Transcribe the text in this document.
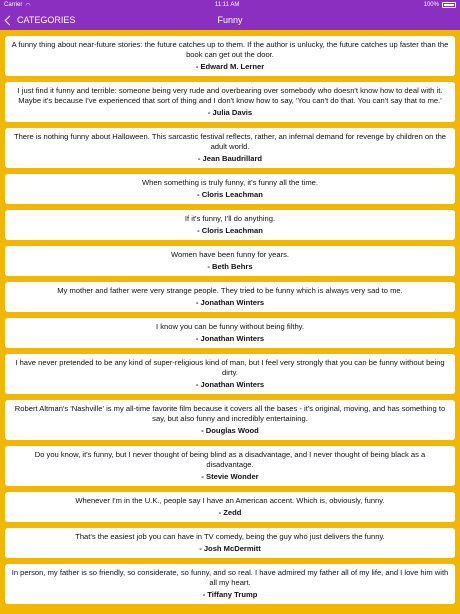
Carrier ◠	11:11 AM	100%
CATEGORIES	Funny
A funny thing about near-future stories: the future catches up to them. If the author is unlucky, the future catches up faster than the book can get out the door.
- Edward M. Lerner
I just find it funny and terrible: someone being very rude and overbearing over somebody who doesn't know how to deal with it. Maybe it's because I've experienced that sort of thing and I don't know how to say, 'You can't do that. You can't say that to me.'
- Julia Davis
There is nothing funny about Halloween. This sarcastic festival reflects, rather, an infernal demand for revenge by children on the adult world.
- Jean Baudrillard
When something is truly funny, it's funny all the time.
- Cloris Leachman
If it's funny, I'll do anything.
- Cloris Leachman
Women have been funny for years.
- Beth Behrs
My mother and father were very strange people. They tried to be funny which is always very sad to me.
- Jonathan Winters
I know you can be funny without being filthy.
- Jonathan Winters
I have never pretended to be any kind of super-religious kind of man, but I feel very strongly that you can be funny without being dirty.
- Jonathan Winters
Robert Altman's 'Nashville' is my all-time favorite film because it covers all the bases - it's original, moving, and has something to say, but also funny and incredibly entertaining.
- Douglas Wood
Do you know, it's funny, but I never thought of being blind as a disadvantage, and I never thought of being black as a disadvantage.
- Stevie Wonder
Whenever I'm in the U.K., people say I have an American accent. Which is, obviously, funny.
- Zedd
That's the easiest job you can have in TV comedy, being the guy who just delivers the funny.
- Josh McDermitt
In person, my father is so friendly, so considerate, so funny, and so real. I have admired my father all of my life, and I love him with all my heart.
- Tiffany Trump
